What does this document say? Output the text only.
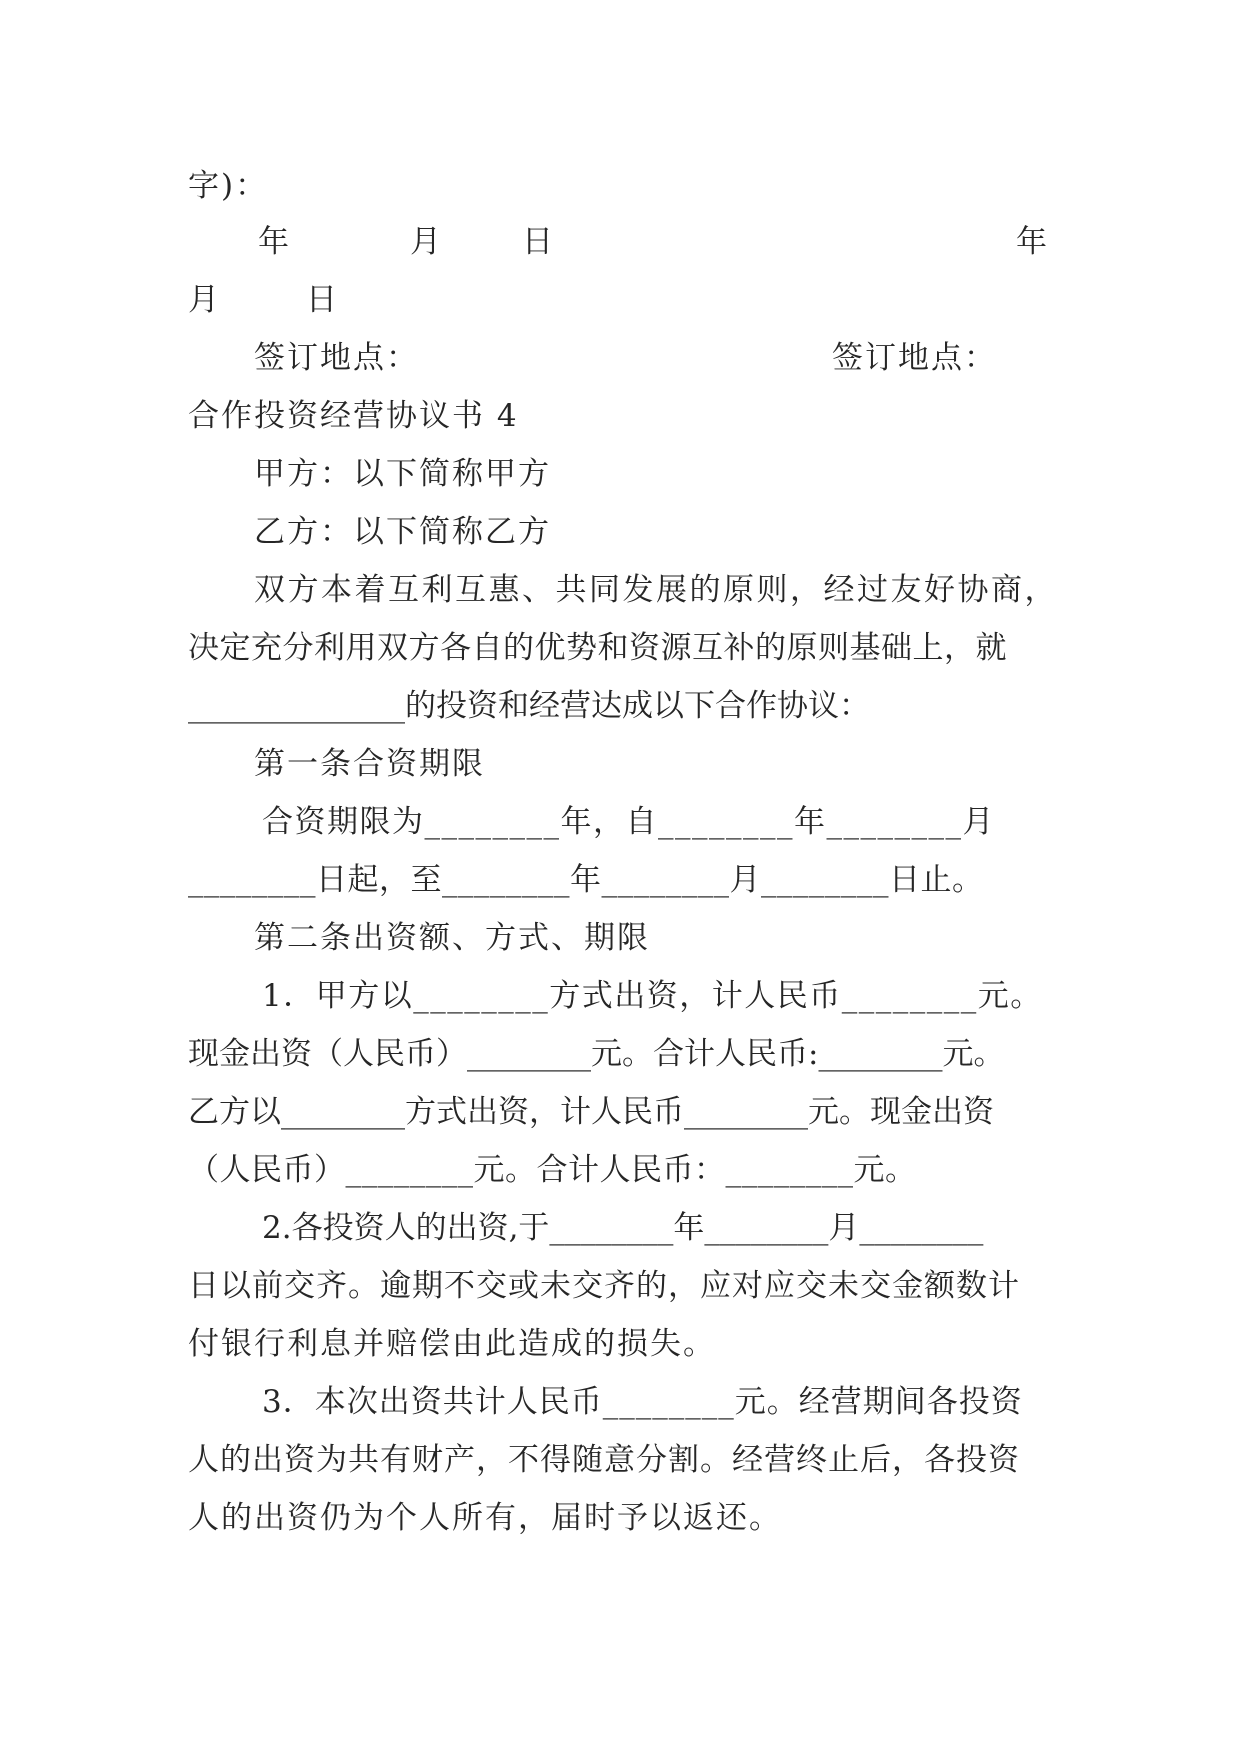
字)：

年	月	日	年
月	日
签订地点：	签订地点：

合作投资经营协议书 4

甲方：以下简称甲方

乙方：以下简称乙方

双方本着互利互惠、共同发展的原则，经过友好协商，

决定充分利用双方各自的优势和资源互补的原则基础上，就

______________的投资和经营达成以下合作协议：

第一条合资期限

合资期限为________年，自________年________月

________日起，至________年________月________日止。

第二条出资额、方式、期限

1．甲方以________方式出资，计人民币________元。

现金出资（人民币）________元。合计人民币:________元。

乙方以________方式出资，计人民币________元。现金出资

（人民币）________元。合计人民币：________元。

2.各投资人的出资,于________年________月________

日以前交齐。逾期不交或未交齐的，应对应交未交金额数计

付银行利息并赔偿由此造成的损失。

3．本次出资共计人民币________元。经营期间各投资

人的出资为共有财产，不得随意分割。经营终止后，各投资

人的出资仍为个人所有，届时予以返还。
